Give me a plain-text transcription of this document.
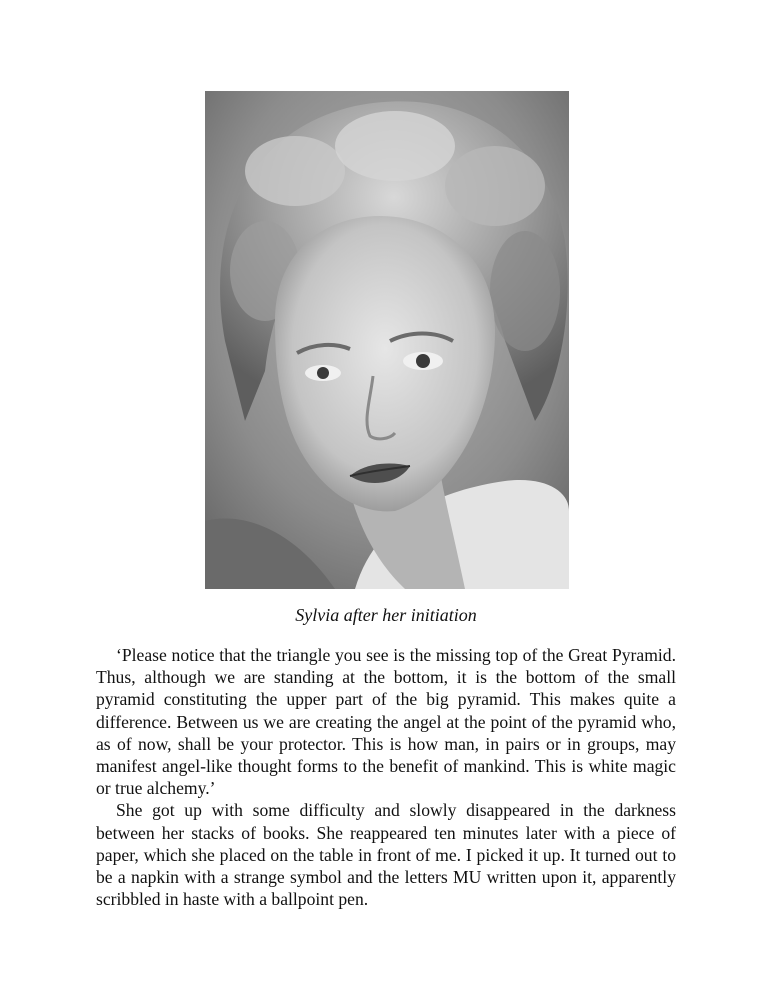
Sylvia after her initiation

‘Please notice that the triangle you see is the missing top of the Great Pyramid. Thus, although we are standing at the bottom, it is the bottom of the small pyramid constituting the upper part of the big pyramid. This makes quite a difference. Between us we are creating the angel at the point of the pyramid who, as of now, shall be your protector. This is how man, in pairs or in groups, may manifest angel-like thought forms to the benefit of mankind. This is white magic or true alchemy.’

She got up with some difficulty and slowly disappeared in the darkness between her stacks of books. She reappeared ten minutes later with a piece of paper, which she placed on the table in front of me. I picked it up. It turned out to be a napkin with a strange symbol and the letters MU written upon it, apparently scribbled in haste with a ballpoint pen.
